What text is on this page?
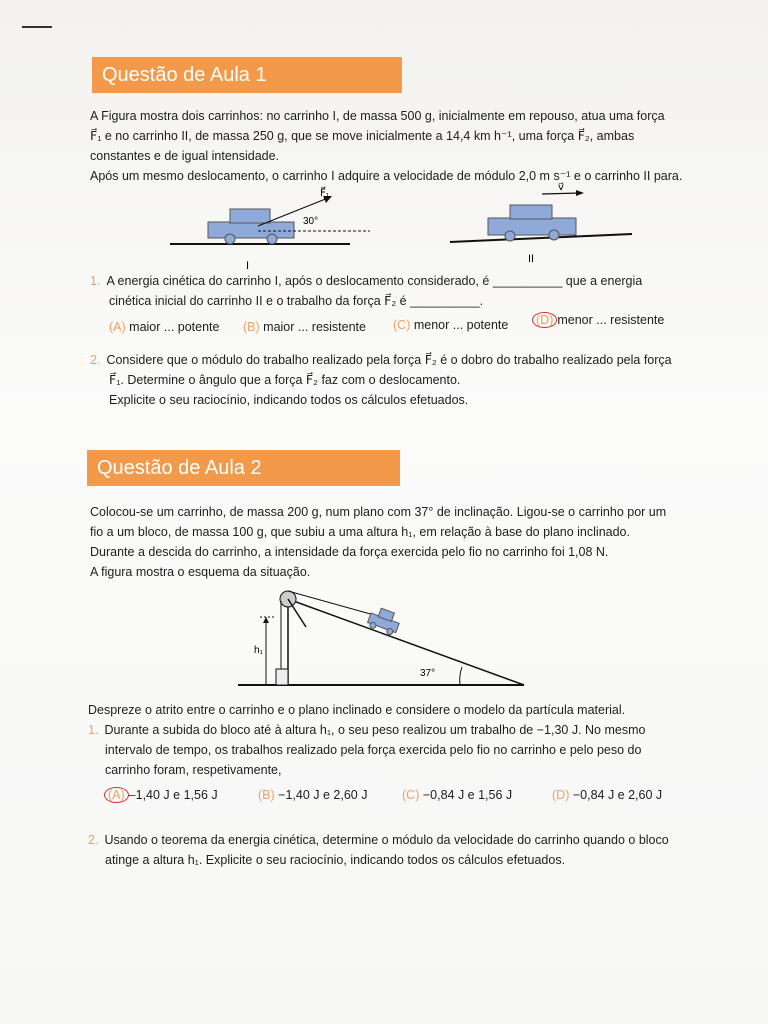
Questão de Aula 1
A Figura mostra dois carrinhos: no carrinho I, de massa 500 g, inicialmente em repouso, atua uma força
F⃗₁ e no carrinho II, de massa 250 g, que se move inicialmente a 14,4 km h⁻¹, uma força F⃗₂, ambas
constantes e de igual intensidade.
Após um mesmo deslocamento, o carrinho I adquire a velocidade de módulo 2,0 m s⁻¹ e o carrinho II para.
F⃗₁
30°
I
v⃗
II
1. A energia cinética do carrinho I, após o deslocamento considerado, é __________ que a energia
cinética inicial do carrinho II e o trabalho da força F⃗₂ é __________.
(A) maior ... potente (B) maior ... resistente (C) menor ... potente	(D) menor ... resistente
2. Considere que o módulo do trabalho realizado pela força F⃗₂ é o dobro do trabalho realizado pela força
F⃗₁. Determine o ângulo que a força F⃗₂ faz com o deslocamento.
Explicite o seu raciocínio, indicando todos os cálculos efetuados.
Questão de Aula 2
Colocou-se um carrinho, de massa 200 g, num plano com 37° de inclinação. Ligou-se o carrinho por um
fio a um bloco, de massa 100 g, que subiu a uma altura h₁, em relação à base do plano inclinado.
Durante a descida do carrinho, a intensidade da força exercida pelo fio no carrinho foi 1,08 N.
A figura mostra o esquema da situação.
h₁
37°
Despreze o atrito entre o carrinho e o plano inclinado e considere o modelo da partícula material.
1. Durante a subida do bloco até à altura h₁, o seu peso realizou um trabalho de −1,30 J. No mesmo
intervalo de tempo, os trabalhos realizado pela força exercida pelo fio no carrinho e pelo peso do
carrinho foram, respetivamente,
(A) –1,40 J e 1,56 J	(B) −1,40 J e 2,60 J	(C) −0,84 J e 1,56 J	(D) −0,84 J e 2,60 J
2. Usando o teorema da energia cinética, determine o módulo da velocidade do carrinho quando o bloco
atinge a altura h₁. Explicite o seu raciocínio, indicando todos os cálculos efetuados.
